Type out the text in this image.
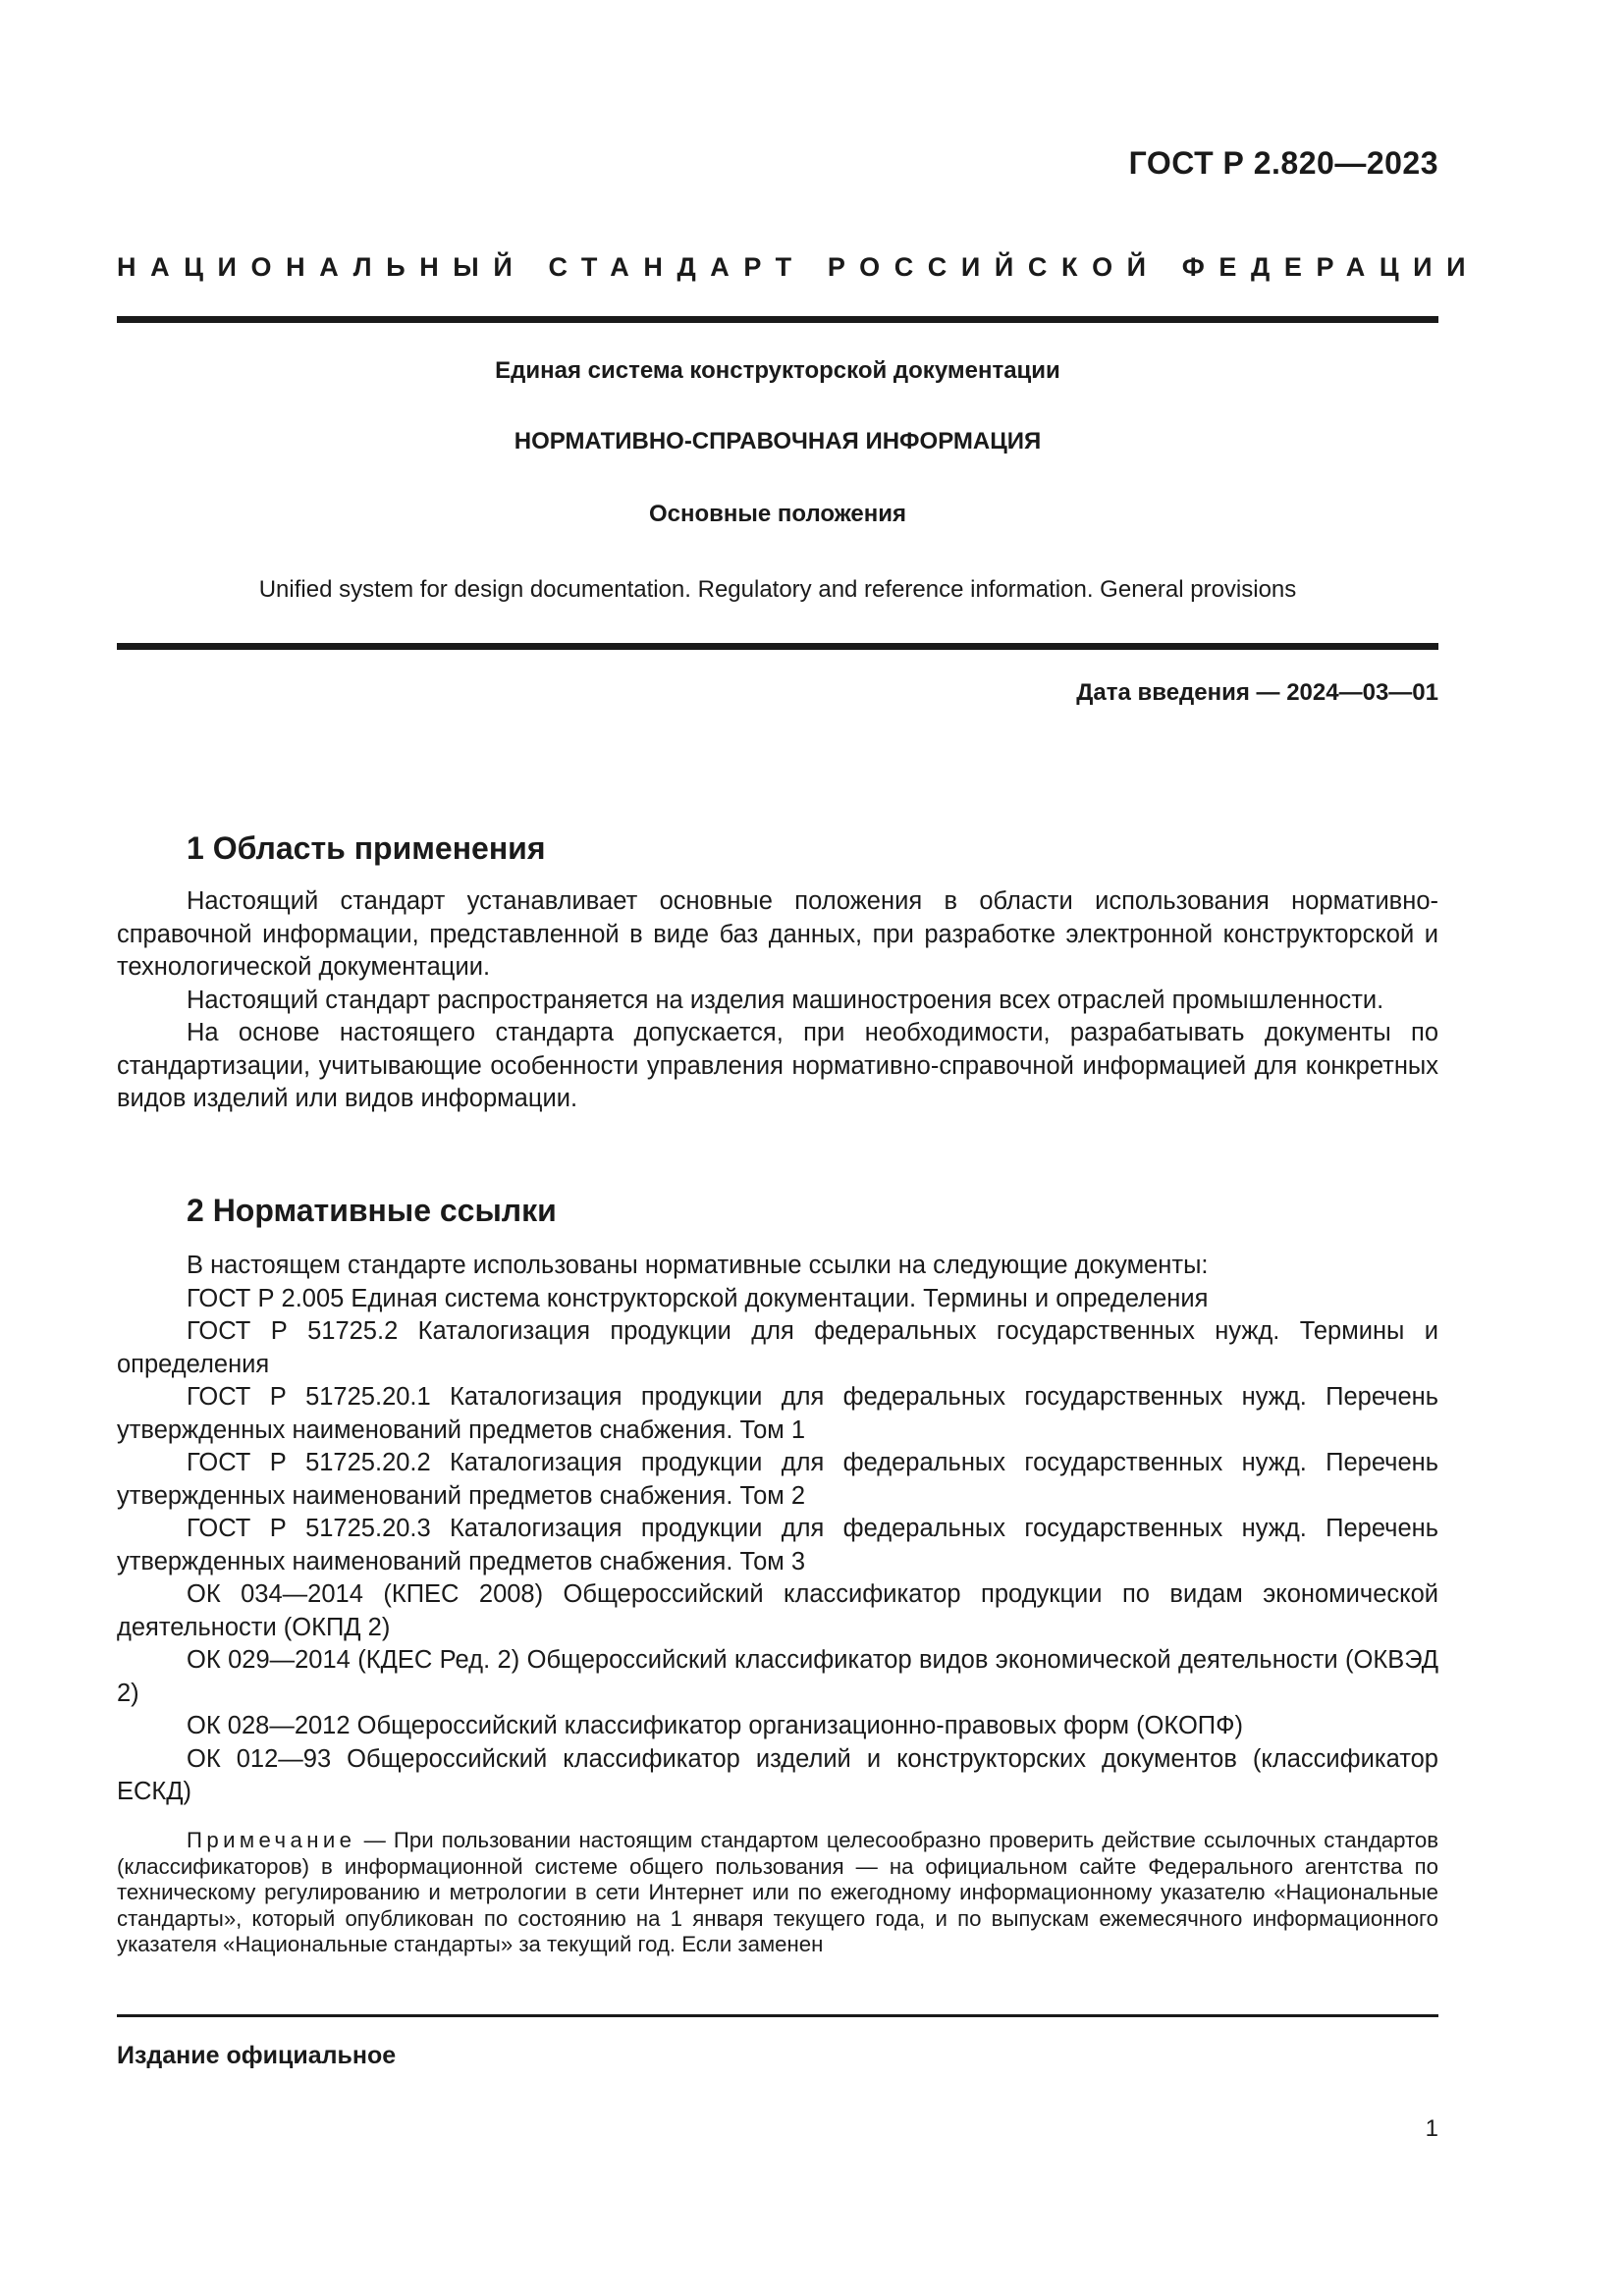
ГОСТ Р 2.820—2023
НАЦИОНАЛЬНЫЙ СТАНДАРТ РОССИЙСКОЙ ФЕДЕРАЦИИ
Единая система конструкторской документации
НОРМАТИВНО-СПРАВОЧНАЯ ИНФОРМАЦИЯ
Основные положения
Unified system for design documentation. Regulatory and reference information. General provisions
Дата введения — 2024—03—01
1 Область применения

Настоящий стандарт устанавливает основные положения в области использования нормативно-справочной информации, представленной в виде баз данных, при разработке электронной конструкторской и технологической документации.

Настоящий стандарт распространяется на изделия машиностроения всех отраслей промышленности.

На основе настоящего стандарта допускается, при необходимости, разрабатывать документы по стандартизации, учитывающие особенности управления нормативно-справочной информацией для конкретных видов изделий или видов информации.

2 Нормативные ссылки

В настоящем стандарте использованы нормативные ссылки на следующие документы:

ГОСТ Р 2.005 Единая система конструкторской документации. Термины и определения

ГОСТ Р 51725.2 Каталогизация продукции для федеральных государственных нужд. Термины и определения

ГОСТ Р 51725.20.1 Каталогизация продукции для федеральных государственных нужд. Перечень утвержденных наименований предметов снабжения. Том 1

ГОСТ Р 51725.20.2 Каталогизация продукции для федеральных государственных нужд. Перечень утвержденных наименований предметов снабжения. Том 2

ГОСТ Р 51725.20.3 Каталогизация продукции для федеральных государственных нужд. Перечень утвержденных наименований предметов снабжения. Том 3

ОК 034—2014 (КПЕС 2008) Общероссийский классификатор продукции по видам экономической деятельности (ОКПД 2)

ОК 029—2014 (КДЕС Ред. 2) Общероссийский классификатор видов экономической деятельности (ОКВЭД 2)

ОК 028—2012 Общероссийский классификатор организационно-правовых форм (ОКОПФ)

ОК 012—93 Общероссийский классификатор изделий и конструкторских документов (классификатор ЕСКД)

Примечание — При пользовании настоящим стандартом целесообразно проверить действие ссылочных стандартов (классификаторов) в информационной системе общего пользования — на официальном сайте Федерального агентства по техническому регулированию и метрологии в сети Интернет или по ежегодному информационному указателю «Национальные стандарты», который опубликован по состоянию на 1 января текущего года, и по выпускам ежемесячного информационного указателя «Национальные стандарты» за текущий год. Если заменен
Издание официальное
1
